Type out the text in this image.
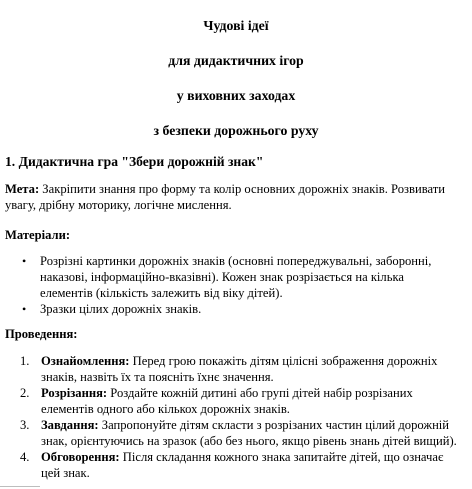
Чудові ідеї
для дидактичних ігор
у виховних заходах
з безпеки дорожнього руху
1. Дидактична гра "Збери дорожній знак"
Мета: Закріпити знання про форму та колір основних дорожніх знаків. Розвивати увагу, дрібну моторику, логічне мислення.
Матеріали:
• Розрізні картинки дорожніх знаків (основні попереджувальні, заборонні, наказові, інформаційно-вказівні). Кожен знак розрізається на кілька елементів (кількість залежить від віку дітей).
• Зразки цілих дорожніх знаків.
Проведення:
1. Ознайомлення: Перед грою покажіть дітям цілісні зображення дорожніх знаків, назвіть їх та поясніть їхнє значення.
2. Розрізання: Роздайте кожній дитині або групі дітей набір розрізаних елементів одного або кількох дорожніх знаків.
3. Завдання: Запропонуйте дітям скласти з розрізаних частин цілий дорожній знак, орієнтуючись на зразок (або без нього, якщо рівень знань дітей вищий).
4. Обговорення: Після складання кожного знака запитайте дітей, що означає цей знак.
